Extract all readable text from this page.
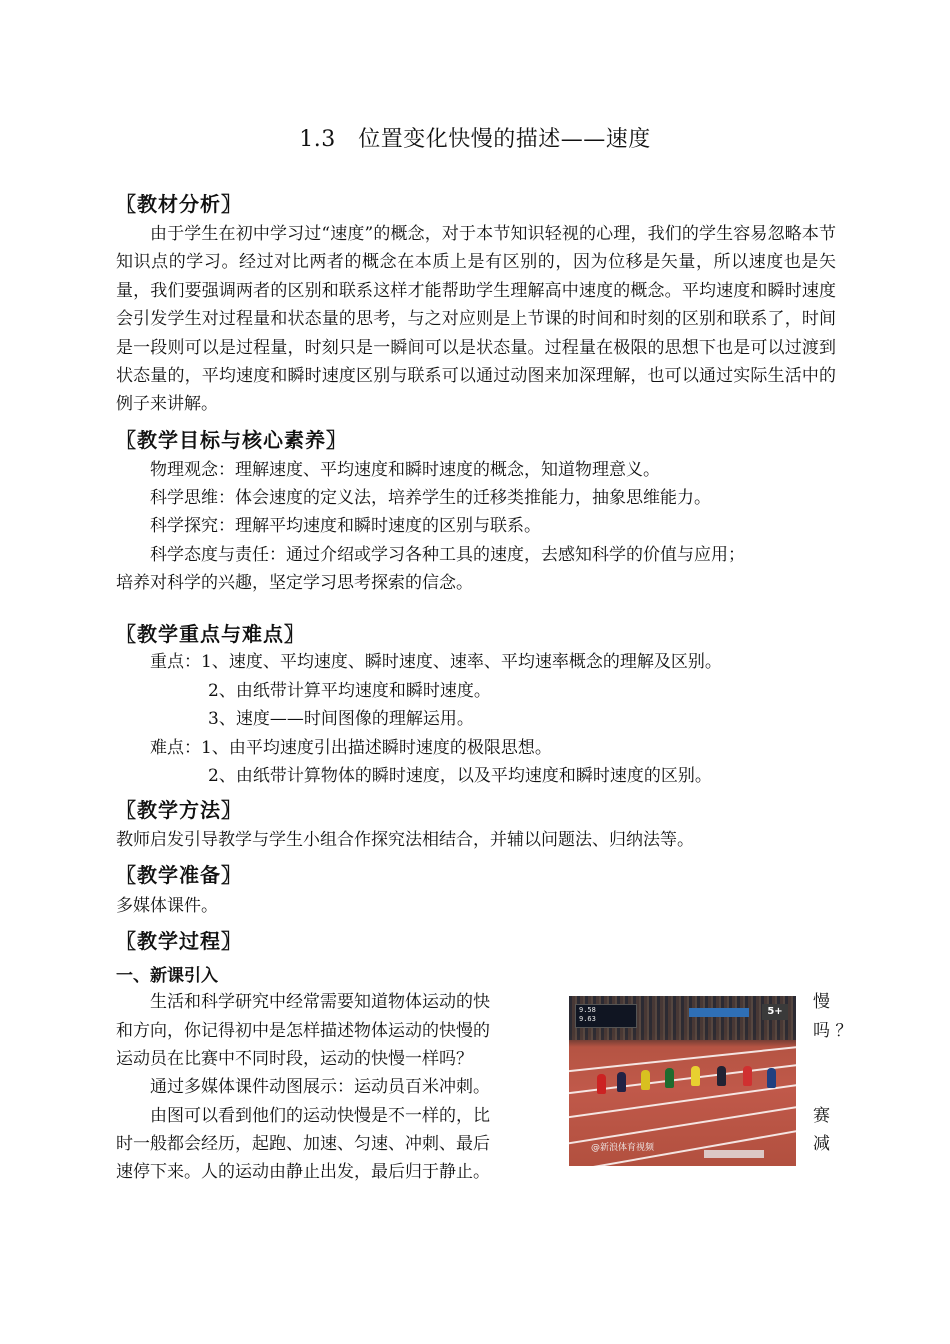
1.3　位置变化快慢的描述——速度
〖教材分析〗
由于学生在初中学习过“速度”的概念，对于本节知识轻视的心理，我们的学生容易忽略本节知识点的学习。经过对比两者的概念在本质上是有区别的，因为位移是矢量，所以速度也是矢量，我们要强调两者的区别和联系这样才能帮助学生理解高中速度的概念。平均速度和瞬时速度会引发学生对过程量和状态量的思考，与之对应则是上节课的时间和时刻的区别和联系了，时间是一段则可以是过程量，时刻只是一瞬间可以是状态量。过程量在极限的思想下也是可以过渡到状态量的，平均速度和瞬时速度区别与联系可以通过动图来加深理解，也可以通过实际生活中的例子来讲解。
〖教学目标与核心素养〗
物理观念：理解速度、平均速度和瞬时速度的概念，知道物理意义。
科学思维：体会速度的定义法，培养学生的迁移类推能力，抽象思维能力。
科学探究：理解平均速度和瞬时速度的区别与联系。
科学态度与责任：通过介绍或学习各种工具的速度，去感知科学的价值与应用；
培养对科学的兴趣，坚定学习思考探索的信念。
〖教学重点与难点〗
重点：1、速度、平均速度、瞬时速度、速率、平均速率概念的理解及区别。
2、由纸带计算平均速度和瞬时速度。
3、速度——时间图像的理解运用。
难点：1、由平均速度引出描述瞬时速度的极限思想。
2、由纸带计算物体的瞬时速度，以及平均速度和瞬时速度的区别。
〖教学方法〗
教师启发引导教学与学生小组合作探究法相结合，并辅以问题法、归纳法等。
〖教学准备〗
多媒体课件。
〖教学过程〗
一、新课引入
生活和科学研究中经常需要知道物体运动的快
和方向，你记得初中是怎样描述物体运动的快慢的
运动员在比赛中不同时段，运动的快慢一样吗？
通过多媒体课件动图展示：运动员百米冲刺。
由图可以看到他们的运动快慢是不一样的，比
时一般都会经历，起跑、加速、匀速、冲刺、最后
速停下来。人的运动由静止出发，最后归于静止。
慢
吗 ？
赛
减
9.58
9.63
5+
@新浪体育视频
